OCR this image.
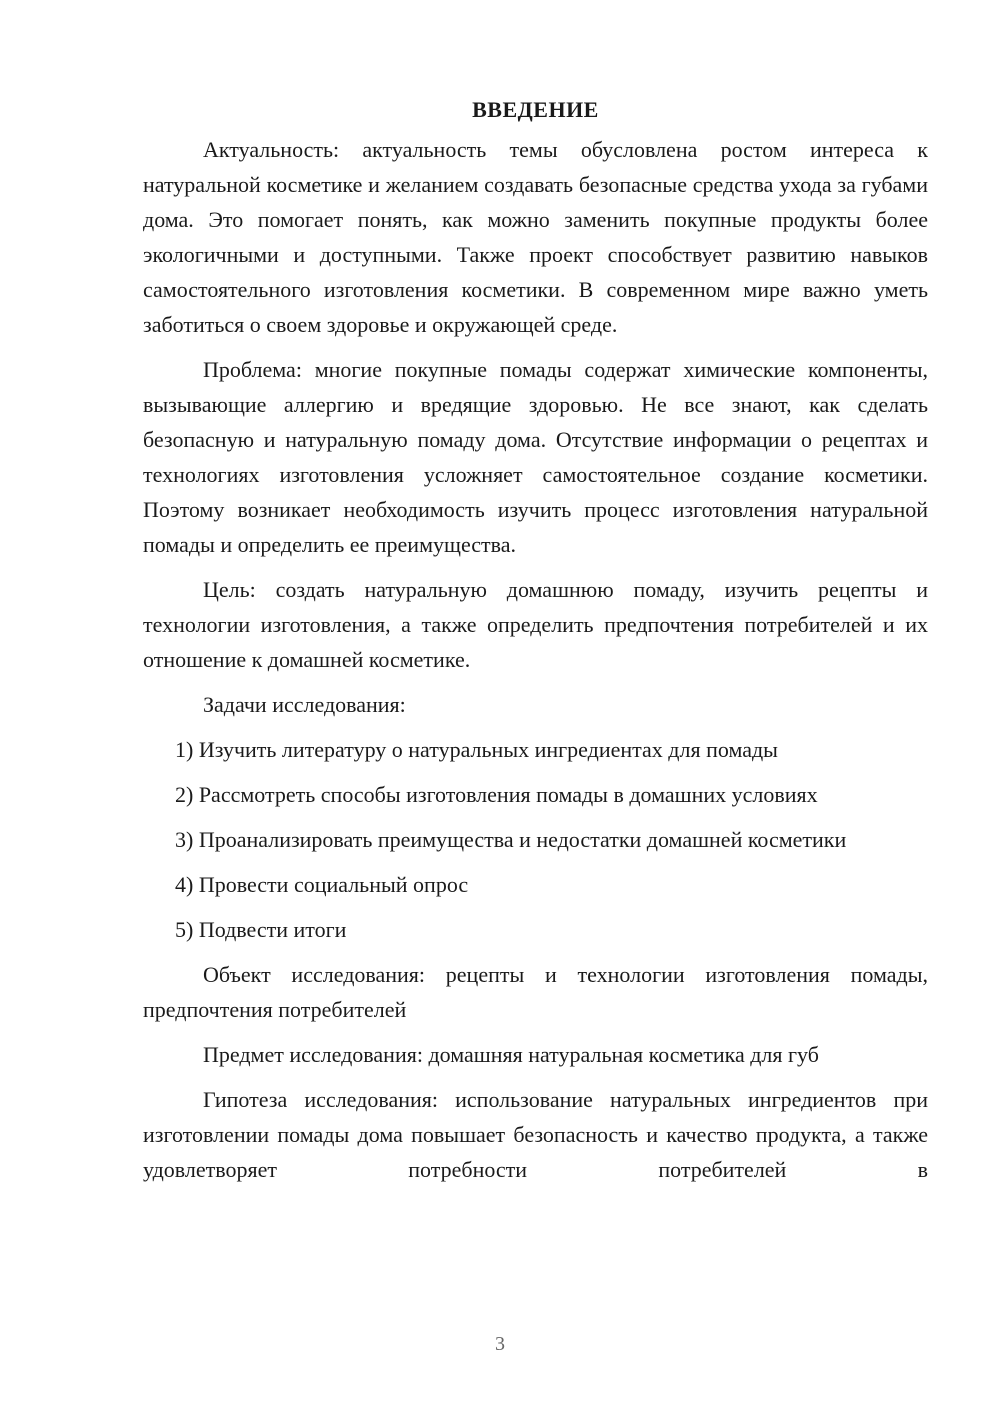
ВВЕДЕНИЕ

Актуальность: актуальность темы обусловлена ростом интереса к натуральной косметике и желанием создавать безопасные средства ухода за губами дома. Это помогает понять, как можно заменить покупные продукты более экологичными и доступными. Также проект способствует развитию навыков самостоятельного изготовления косметики. В современном мире важно уметь заботиться о своем здоровье и окружающей среде.

Проблема: многие покупные помады содержат химические компоненты, вызывающие аллергию и вредящие здоровью. Не все знают, как сделать безопасную и натуральную помаду дома. Отсутствие информации о рецептах и технологиях изготовления усложняет самостоятельное создание косметики. Поэтому возникает необходимость изучить процесс изготовления натуральной помады и определить ее преимущества.

Цель: создать натуральную домашнюю помаду, изучить рецепты и технологии изготовления, а также определить предпочтения потребителей и их отношение к домашней косметике.

Задачи исследования:

1) Изучить литературу о натуральных ингредиентах для помады

2) Рассмотреть способы изготовления помады в домашних условиях

3) Проанализировать преимущества и недостатки домашней косметики

4) Провести социальный опрос

5) Подвести итоги

Объект исследования: рецепты и технологии изготовления помады, предпочтения потребителей

Предмет исследования: домашняя натуральная косметика для губ

Гипотеза исследования: использование натуральных ингредиентов при изготовлении помады дома повышает безопасность и качество продукта, а также удовлетворяет потребности потребителей в

3
